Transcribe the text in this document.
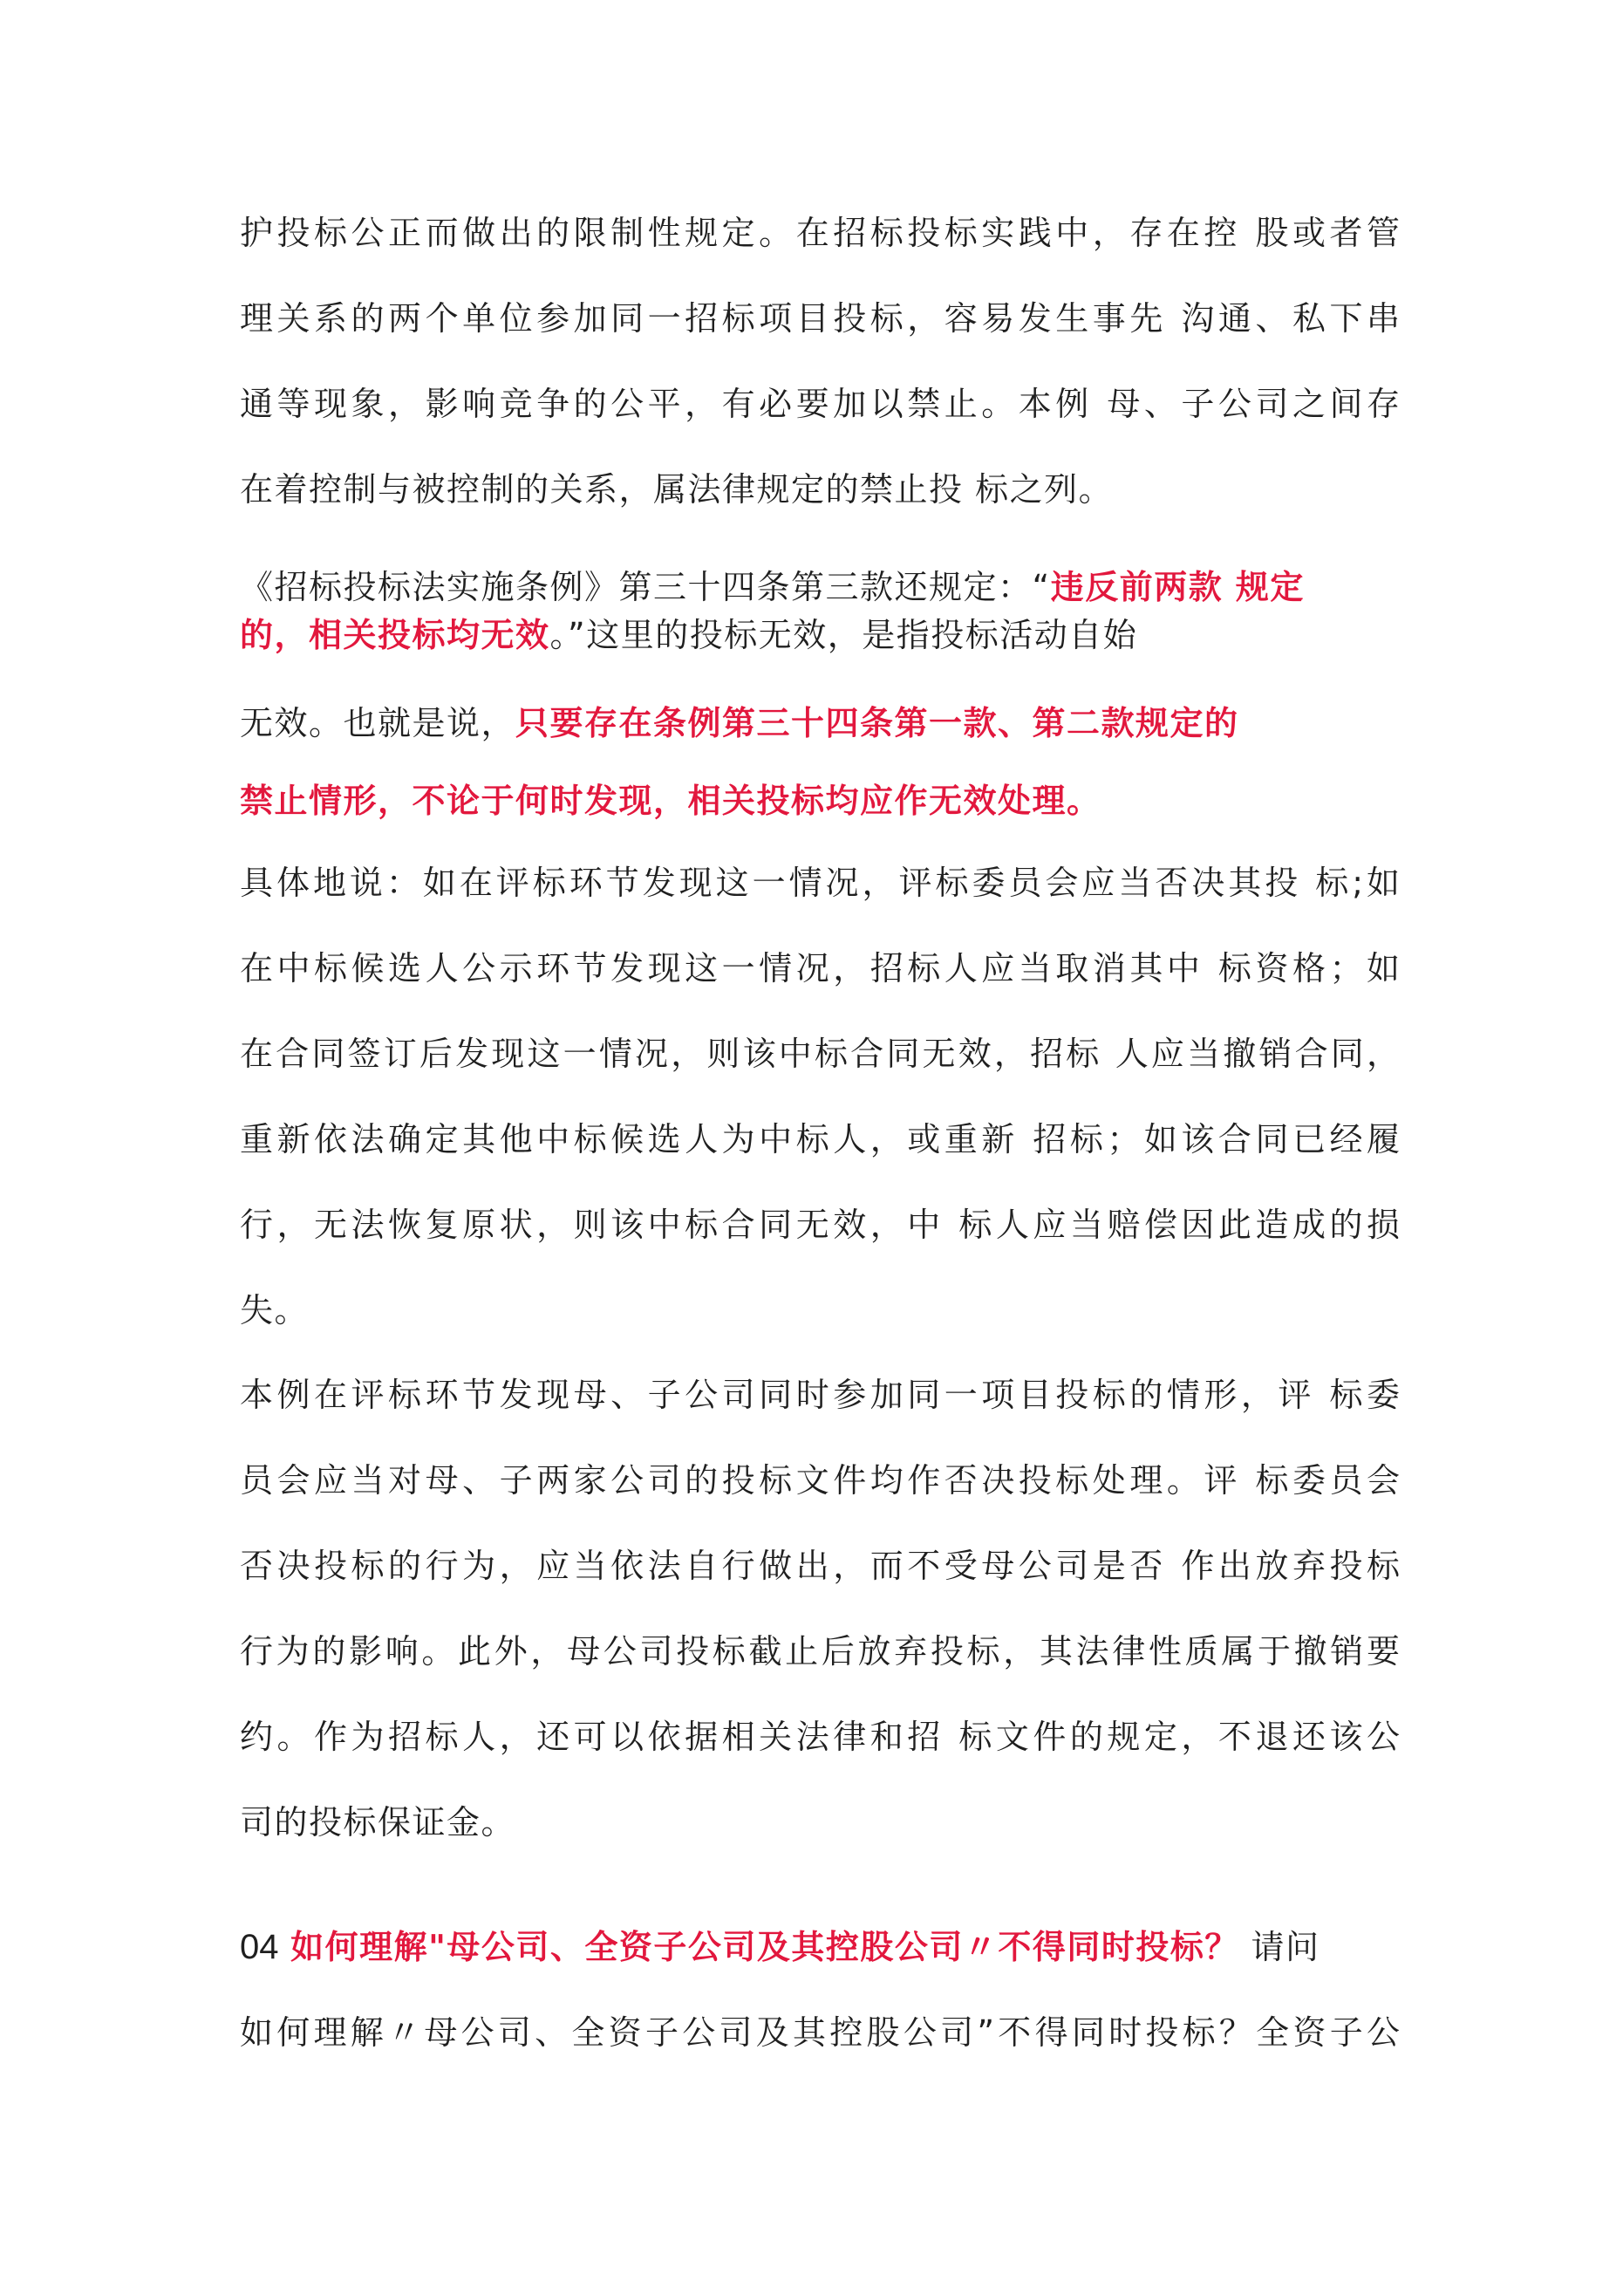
护投标公正而做出的限制性规定。在招标投标实践中，存在控 股或者管
理关系的两个单位参加同一招标项目投标，容易发生事先 沟通、私下串
通等现象，影响竞争的公平，有必要加以禁止。本例 母、子公司之间存
在着控制与被控制的关系，属法律规定的禁止投 标之列。
《招标投标法实施条例》第三十四条第三款还规定：“违反前两款 规定
的，相关投标均无效。”这里的投标无效，是指投标活动自始
无效。也就是说，只要存在条例第三十四条第一款、第二款规定的
禁止情形，不论于何时发现，相关投标均应作无效处理。
具体地说：如在评标环节发现这一情况，评标委员会应当否决其投 标;如
在中标候选人公示环节发现这一情况，招标人应当取消其中 标资格；如
在合同签订后发现这一情况，则该中标合同无效，招标 人应当撤销合同，
重新依法确定其他中标候选人为中标人，或重新 招标；如该合同已经履
行，无法恢复原状，则该中标合同无效，中 标人应当赔偿因此造成的损
失。
本例在评标环节发现母、子公司同时参加同一项目投标的情形，评 标委
员会应当对母、子两家公司的投标文件均作否决投标处理。评 标委员会
否决投标的行为，应当依法自行做出，而不受母公司是否 作出放弃投标
行为的影响。此外，母公司投标截止后放弃投标，其法律性质属于撤销要
约。作为招标人，还可以依据相关法律和招 标文件的规定，不退还该公
司的投标保证金。
04 如何理解"母公司、全资子公司及其控股公司〃不得同时投标？ 请问
如何理解〃母公司、全资子公司及其控股公司”不得同时投标？全资子公
